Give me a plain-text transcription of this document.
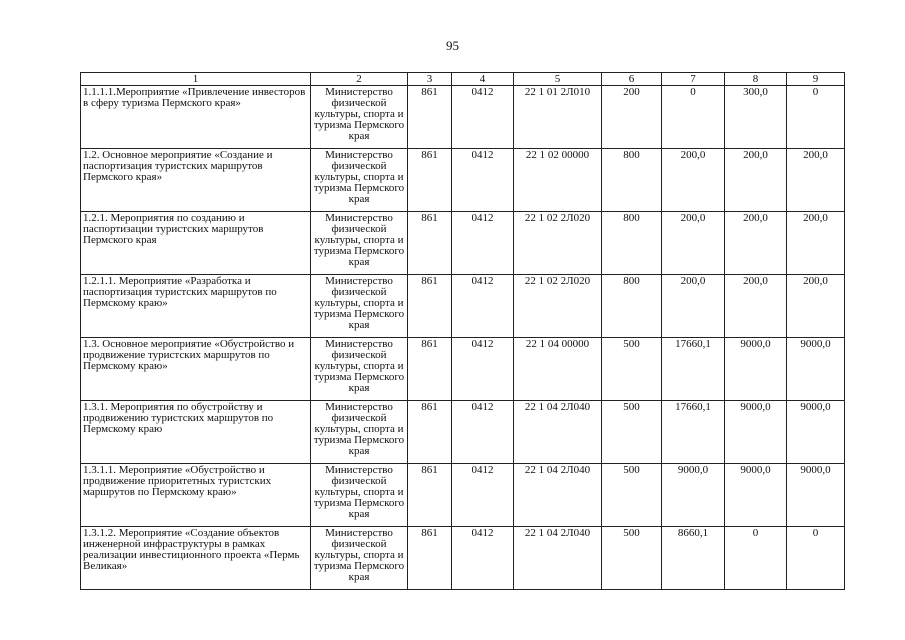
95
1	2	3	4	5	6	7	8	9
1.1.1.1.Мероприятие «Привлечение инвесторов в сферу туризма Пермского края»	Министерство физической культуры, спорта и туризма Пермского края	861	0412	22 1 01 2Л010	200	0	300,0	0
1.2. Основное мероприятие «Создание и паспортизация туристских маршрутов Пермского края»	Министерство физической культуры, спорта и туризма Пермского края	861	0412	22 1 02 00000	800	200,0	200,0	200,0
1.2.1. Мероприятия по созданию и паспортизации туристских маршрутов Пермского края	Министерство физической культуры, спорта и туризма Пермского края	861	0412	22 1 02 2Л020	800	200,0	200,0	200,0
1.2.1.1. Мероприятие «Разработка и паспортизация туристских маршрутов по Пермскому краю»	Министерство физической культуры, спорта и туризма Пермского края	861	0412	22 1 02 2Л020	800	200,0	200,0	200,0
1.3. Основное мероприятие «Обустройство и продвижение туристских маршрутов по Пермскому краю»	Министерство физической культуры, спорта и туризма Пермского края	861	0412	22 1 04 00000	500	17660,1	9000,0	9000,0
1.3.1. Мероприятия по обустройству и продвижению туристских маршрутов по Пермскому краю	Министерство физической культуры, спорта и туризма Пермского края	861	0412	22 1 04 2Л040	500	17660,1	9000,0	9000,0
1.3.1.1. Мероприятие «Обустройство и продвижение приоритетных туристских маршрутов по Пермскому краю»	Министерство физической культуры, спорта и туризма Пермского края	861	0412	22 1 04 2Л040	500	9000,0	9000,0	9000,0
1.3.1.2. Мероприятие «Создание объектов инженерной инфраструктуры в рамках реализации инвестиционного проекта «Пермь Великая»	Министерство физической культуры, спорта и туризма Пермского края	861	0412	22 1 04 2Л040	500	8660,1	0	0
